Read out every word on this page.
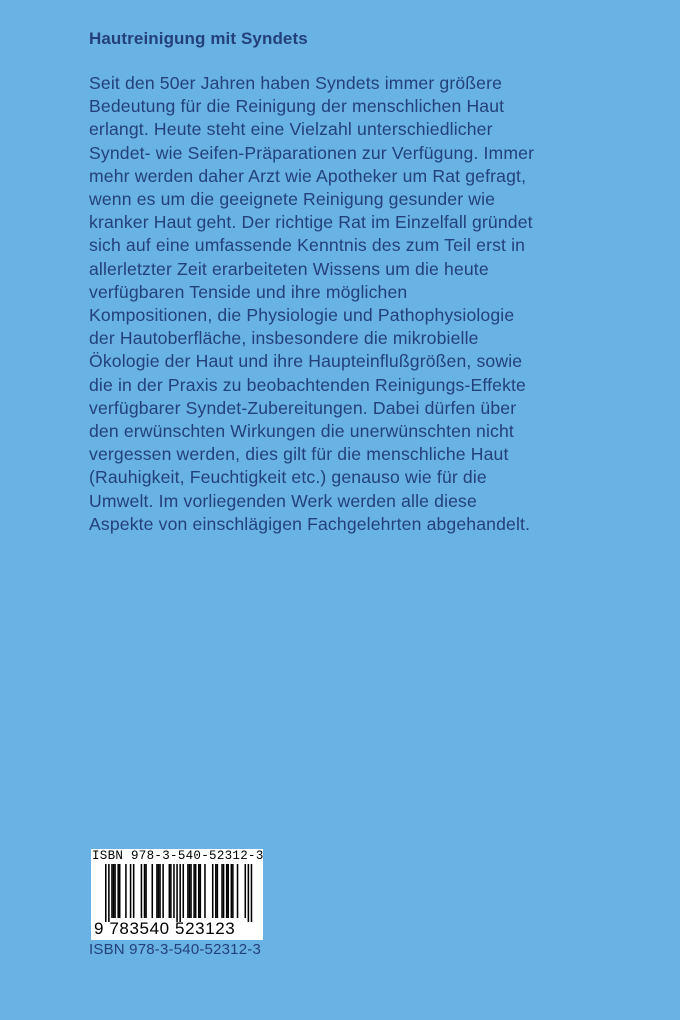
Hautreinigung mit Syndets
Seit den 50er Jahren haben Syndets immer größere
Bedeutung für die Reinigung der menschlichen Haut
erlangt. Heute steht eine Vielzahl unterschiedlicher
Syndet- wie Seifen-Präparationen zur Verfügung. Immer
mehr werden daher Arzt wie Apotheker um Rat gefragt,
wenn es um die geeignete Reinigung gesunder wie
kranker Haut geht. Der richtige Rat im Einzelfall gründet
sich auf eine umfassende Kenntnis des zum Teil erst in
allerletzter Zeit erarbeiteten Wissens um die heute
verfügbaren Tenside und ihre möglichen
Kompositionen, die Physiologie und Pathophysiologie
der Hautoberfläche, insbesondere die mikrobielle
Ökologie der Haut und ihre Haupteinflußgrößen, sowie
die in der Praxis zu beobachtenden Reinigungs-Effekte
verfügbarer Syndet-Zubereitungen. Dabei dürfen über
den erwünschten Wirkungen die unerwünschten nicht
vergessen werden, dies gilt für die menschliche Haut
(Rauhigkeit, Feuchtigkeit etc.) genauso wie für die
Umwelt. Im vorliegenden Werk werden alle diese
Aspekte von einschlägigen Fachgelehrten abgehandelt.
ISBN 978-3-540-52312-3
9 783540 523123
ISBN 978-3-540-52312-3
